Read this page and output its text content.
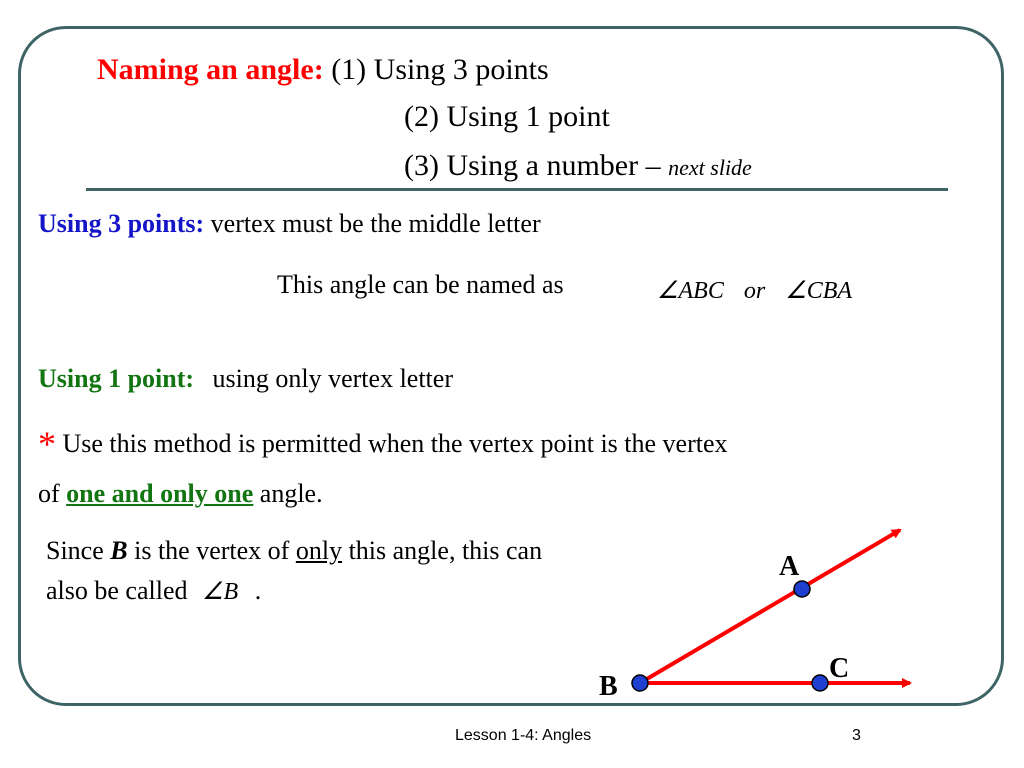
Naming an angle: (1) Using 3 points
(2) Using 1 point
(3) Using a number – next slide
Using 3 points: vertex must be the middle letter
This angle can be named as	∠ABC or ∠CBA
Using 1 point: using only vertex letter
* Use this method is permitted when the vertex point is the vertex
of one and only one angle.
Since B is the vertex of only this angle, this can
also be called ∠B .
A
B
C
Lesson 1-4: Angles	3
